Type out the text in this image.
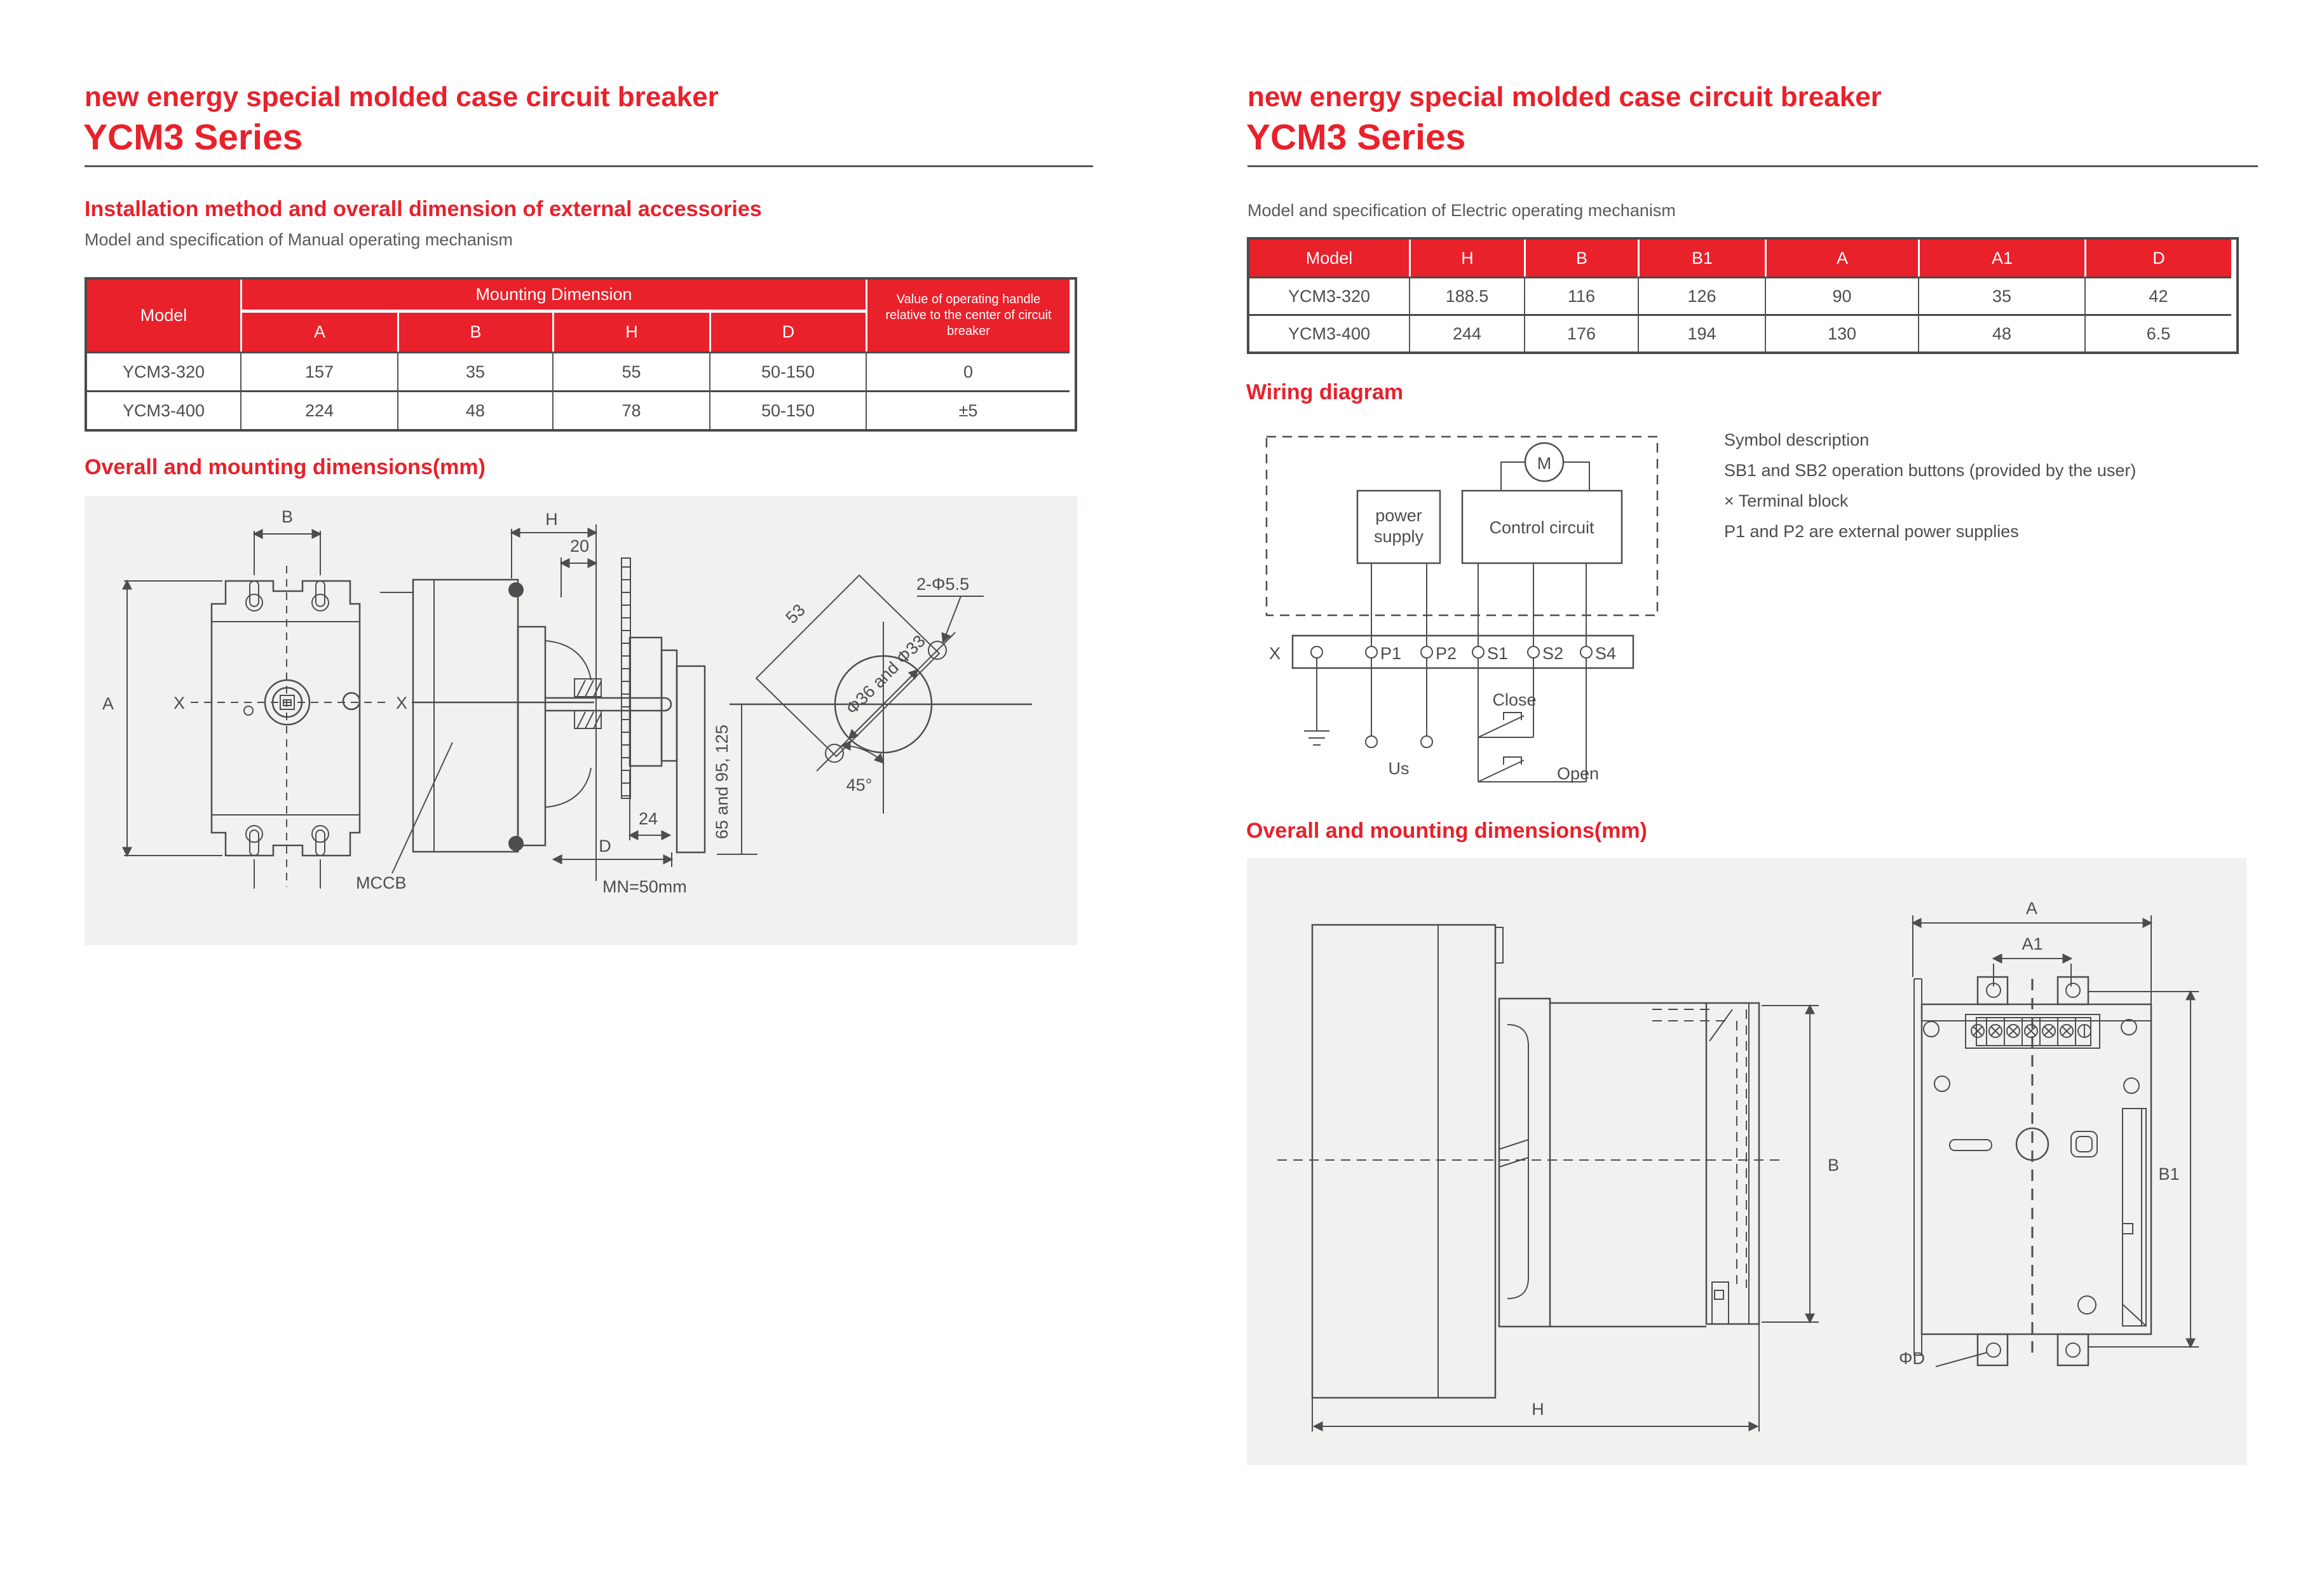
new energy special molded case circuit breaker
YCM3 Series
Installation method and overall dimension of external accessories
Model and specification of Manual operating mechanism
Model
Mounting Dimension
A	B	H	D
Value of operating handle relative to the center of circuit breaker
YCM3-320	157	35	55	50-150	0
YCM3-400	224	48	78	50-150	±5
Overall and mounting dimensions(mm)
X	X
A
B	H
20
24
D
MN=50mm
65 and 95, 125
MCCB
53
Φ36 and Φ33
2-Φ5.5
45°
new energy special molded case circuit breaker
YCM3 Series
Model and specification of Electric operating mechanism
Model	H	B	B1	A	A1	D
YCM3-320	188.5	116	126	90	35	42
YCM3-400	244	176	194	130	48	6.5
Wiring diagram
M
power
supply	Control circuit
X	P1 P2 S1 S2 S4
Us
Close
Open

Symbol description

SB1 and SB2 operation buttons (provided by the user)

× Terminal block

P1 and P2 are external power supplies

Overall and mounting dimensions(mm)
B
H
A
A1
B1
ΦD
